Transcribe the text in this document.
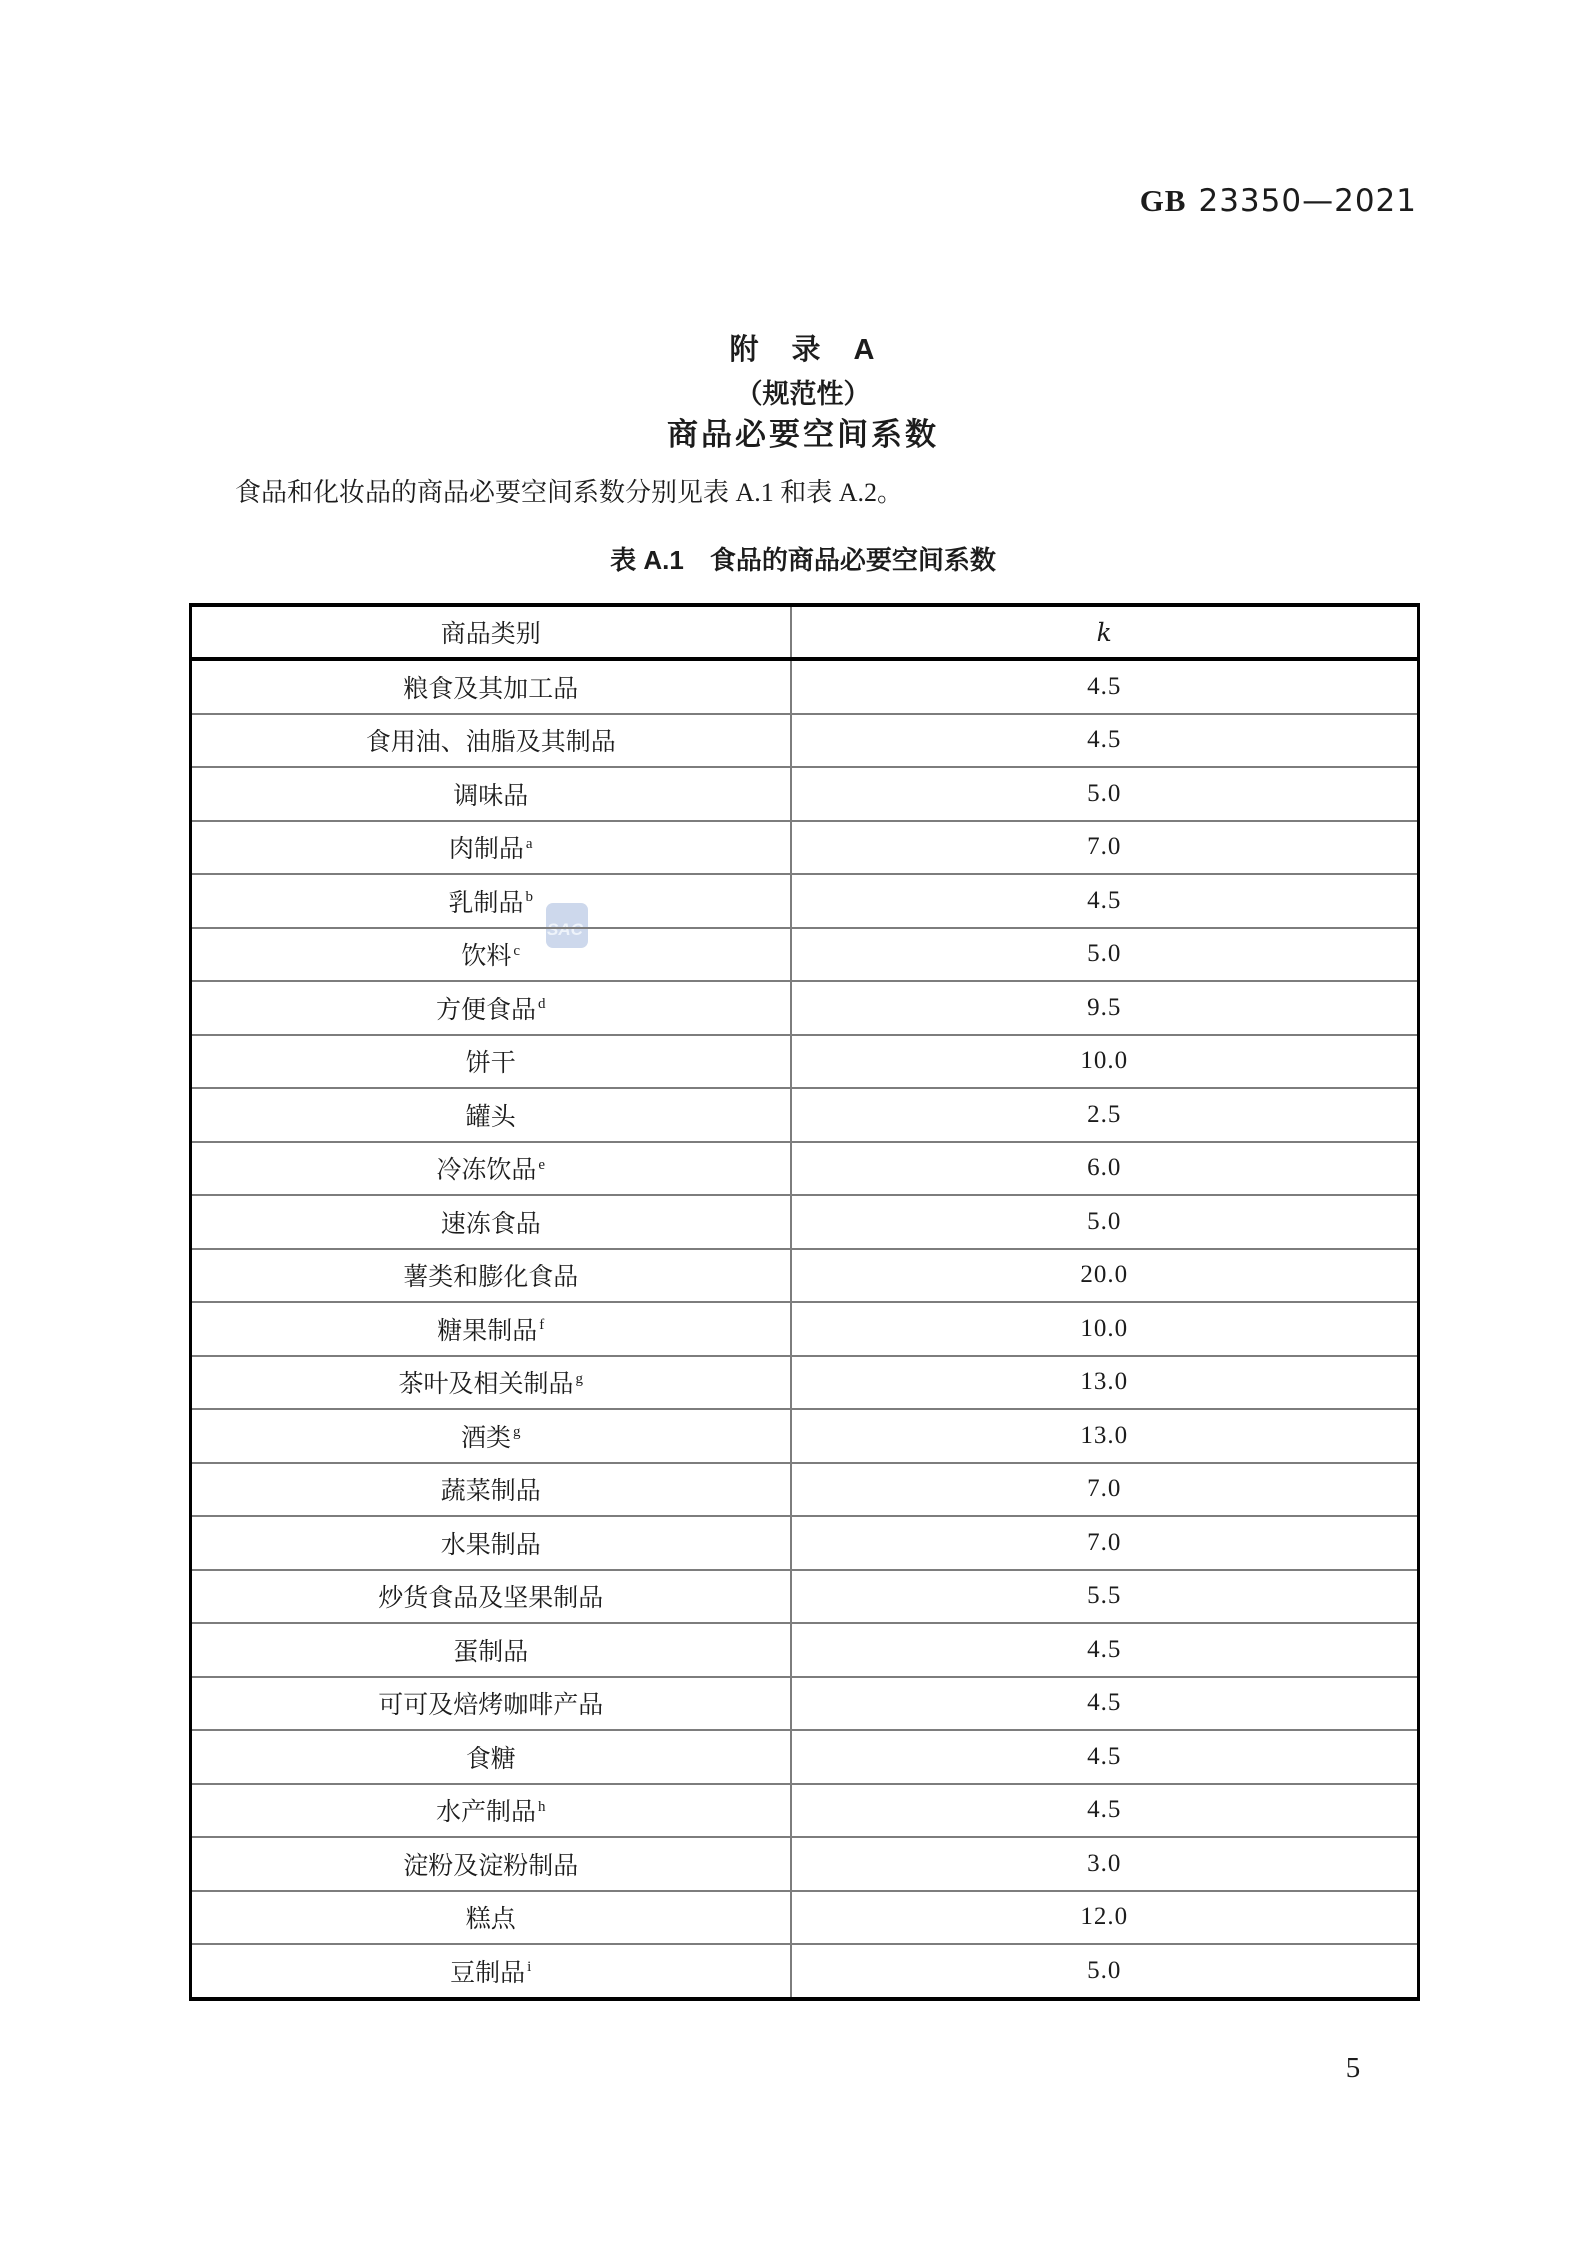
GB 23350—2021
附　录　A
（规范性）
商品必要空间系数

食品和化妆品的商品必要空间系数分别见表 A.1 和表 A.2。

表 A.1　食品的商品必要空间系数
SAC
商品类别	k
粮食及其加工品	4.5
食用油、油脂及其制品	4.5
调味品	5.0
肉制品 $^a$	7.0
乳制品 $^b$	4.5
饮料 $^c$	5.0
方便食品 $^d$	9.5
饼干	10.0
罐头	2.5
冷冻饮品 $^e$	6.0
速冻食品	5.0
薯类和膨化食品	20.0
糖果制品 $^f$	10.0
茶叶及相关制品 $^g$	13.0
酒类 $^g$	13.0
蔬菜制品	7.0
水果制品	7.0
炒货食品及坚果制品	5.5
蛋制品	4.5
可可及焙烤咖啡产品	4.5
食糖	4.5
水产制品 $^h$	4.5
淀粉及淀粉制品	3.0
糕点	12.0
豆制品 $^i$	5.0
5
